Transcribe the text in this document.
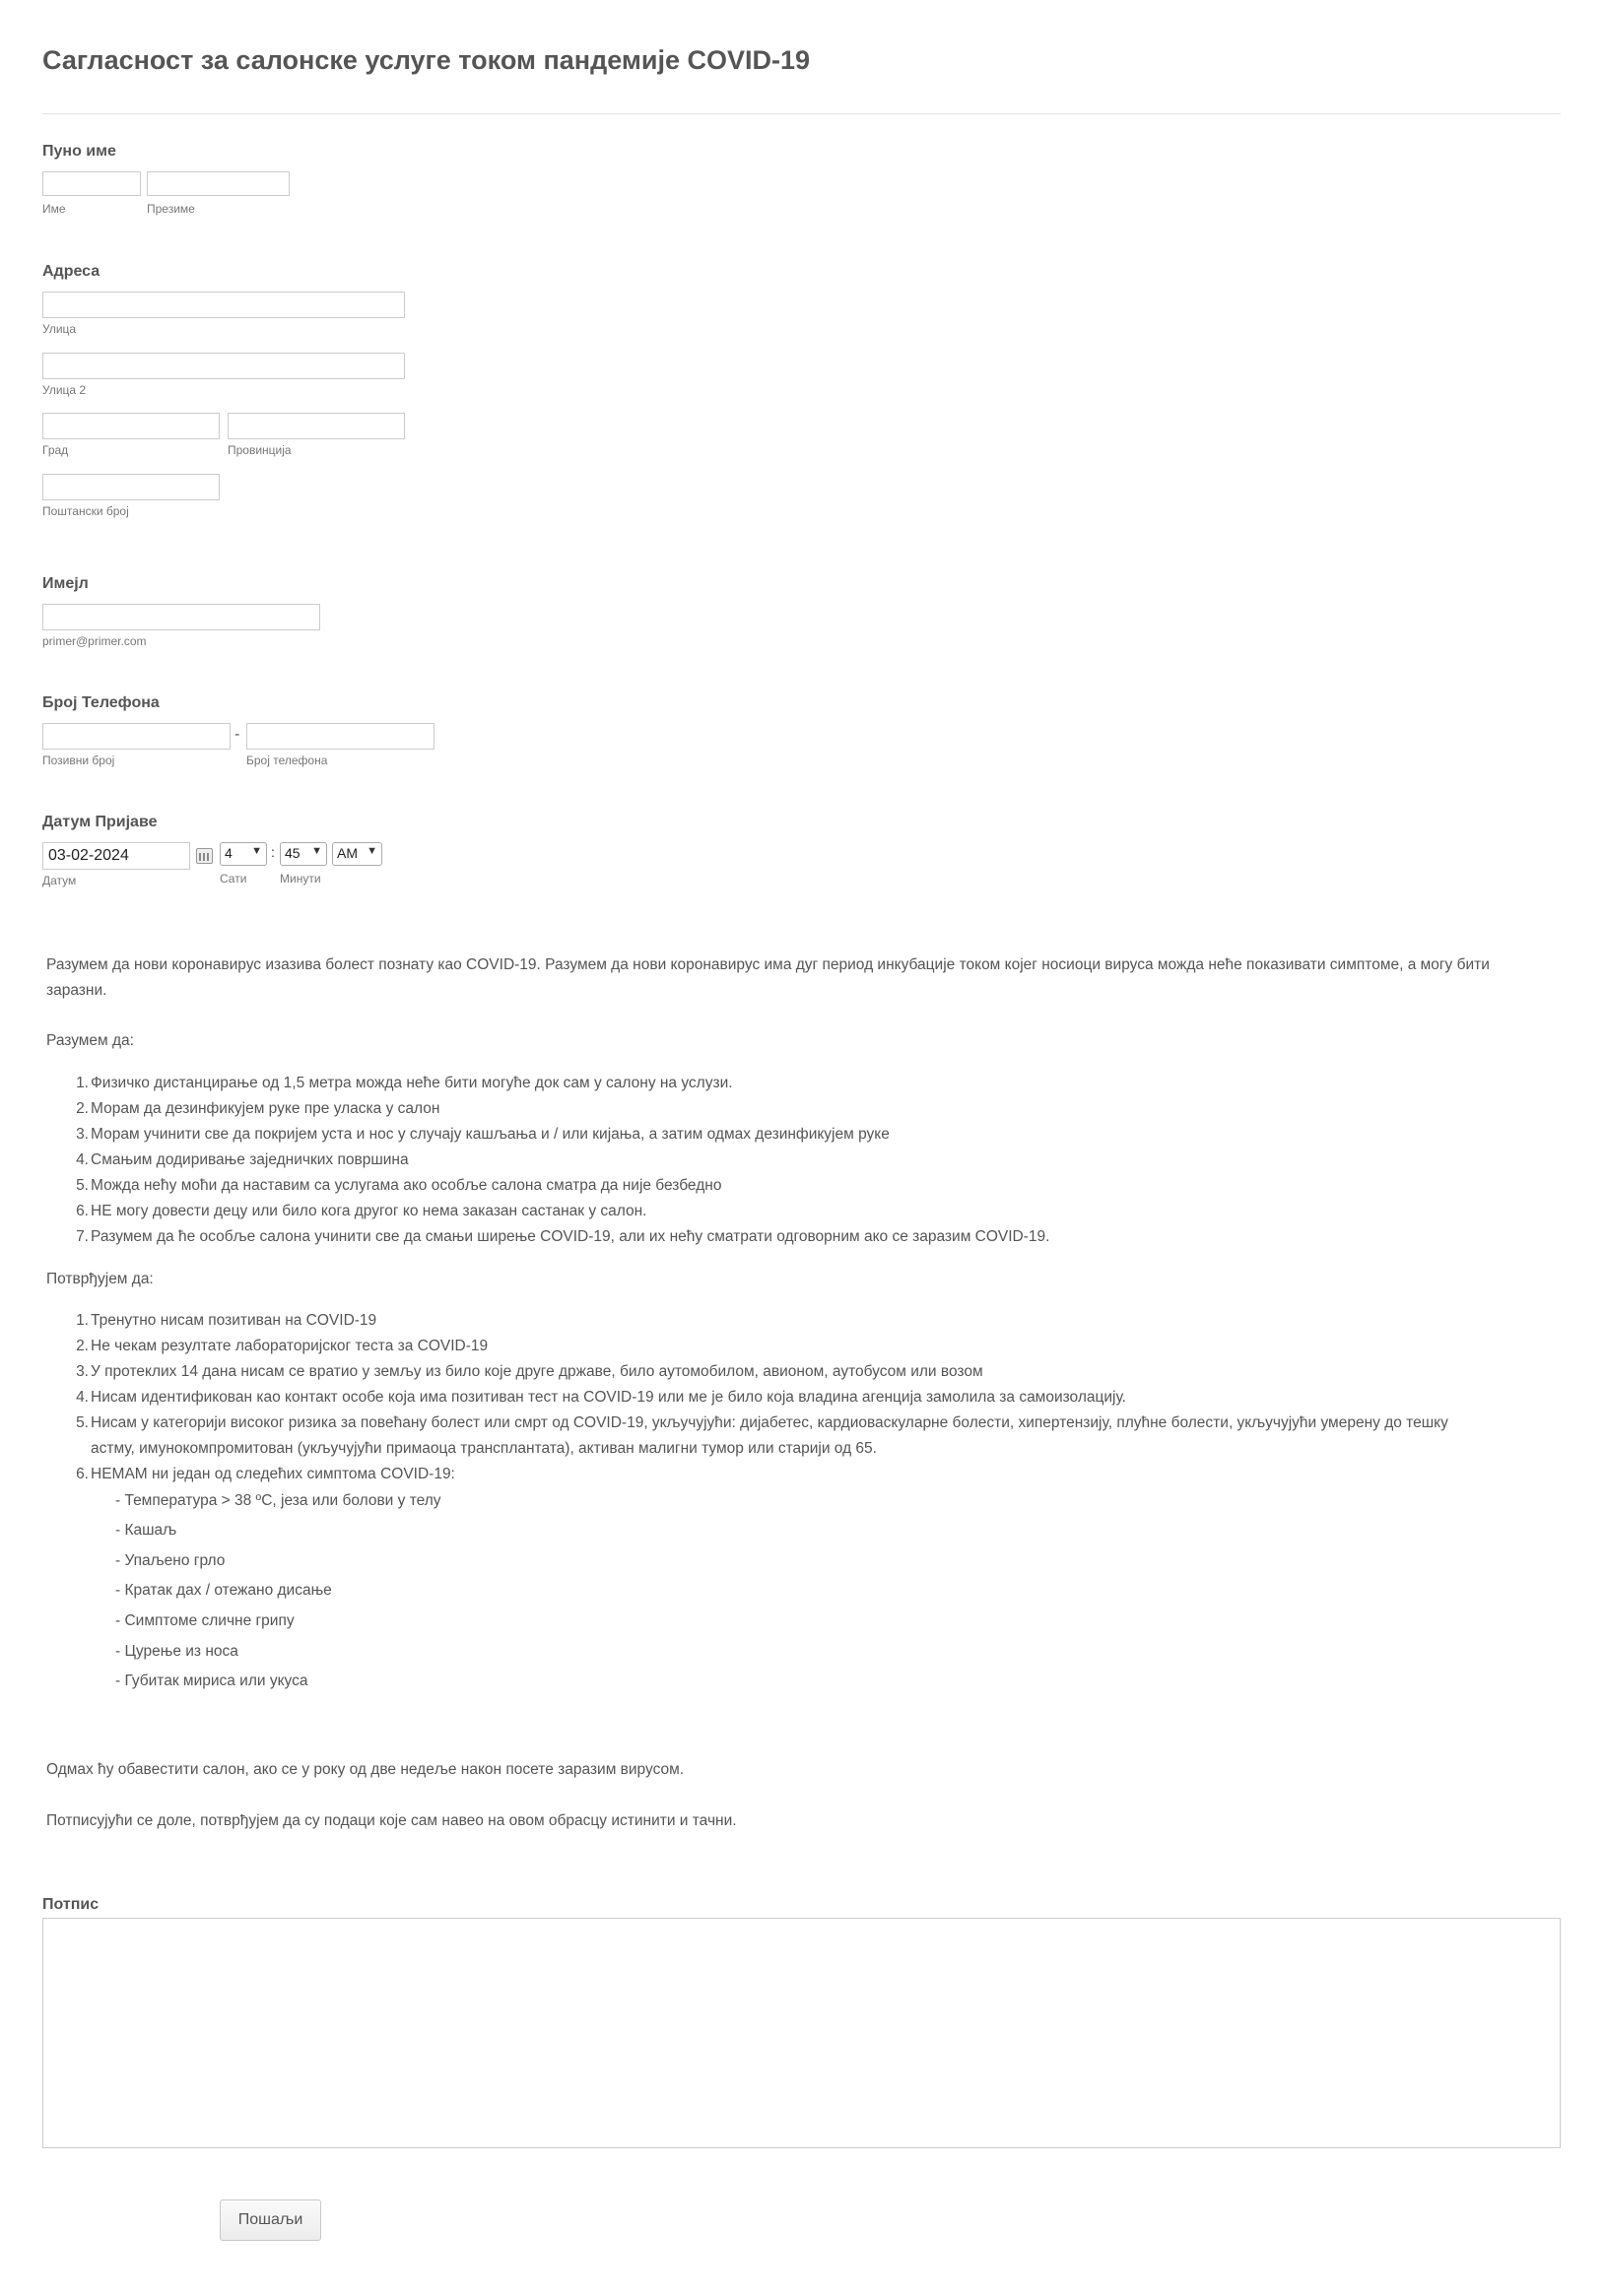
Сагласност за салонске услуге током пандемије COVID-19
Пуно име
Име	Презиме
Адреса
Улица
Улица 2
Град	Провинција
Поштански број
Имејл
primer@primer.com
Број Телефона
-
Позивни број	Број телефона
Датум Пријаве
03-02-2024
Датум
4 ▼ : 45 ▼	AM ▼
Сати	Минути
Разумем да нови коронавирус изазива болест познату као COVID-19. Разумем да нови коронавирус има дуг период инкубације током којег носиоци вируса можда неће показивати симптоме, а могу бити заразни.
Разумем да:
1. Физичко дистанцирање од 1,5 метра можда неће бити могуће док сам у салону на услузи.
2. Морам да дезинфикујем руке пре уласка у салон
3. Морам учинити све да покријем уста и нос у случају кашљања и / или кијања, а затим одмах дезинфикујем руке
4. Смањим додиривање заједничких површина
5. Можда нећу моћи да наставим са услугама ако особље салона сматра да није безбедно
6. НЕ могу довести децу или било кога другог ко нема заказан састанак у салон.
7. Разумем да ће особље салона учинити све да смањи ширење COVID-19, али их нећу сматрати одговорним ако се заразим COVID-19.
Потврђујем да:
1. Тренутно нисам позитиван на COVID-19
2. Не чекам резултате лабораторијског теста за COVID-19
3. У протеклих 14 дана нисам се вратио у земљу из било које друге државе, било аутомобилом, авионом, аутобусом или возом
4. Нисам идентификован као контакт особе која има позитиван тест на COVID-19 или ме је било која владина агенција замолила за самоизолацију.
5. Нисам у категорији високог ризика за повећану болест или смрт од COVID-19, укључујући: дијабетес, кардиоваскуларне болести, хипертензију, плућне болести, укључујући умерену до тешку
астму, имунокомпромитован (укључујући примаоца трансплантата), активан малигни тумор или старији од 65.
6. НЕМАМ ни један од следећих симптома COVID-19:
- Температура > 38 ºC, језа или болови у телу
- Кашаљ
- Упаљено грло
- Кратак дах / отежано дисање
- Симптоме сличне грипу
- Цурење из носа
- Губитак мириса или укуса
Одмах ћу обавестити салон, ако се у року од две недеље након посете заразим вирусом.
Потписујући се доле, потврђујем да су подаци које сам навео на овом обрасцу истинити и тачни.
Потпис
Пошаљи
